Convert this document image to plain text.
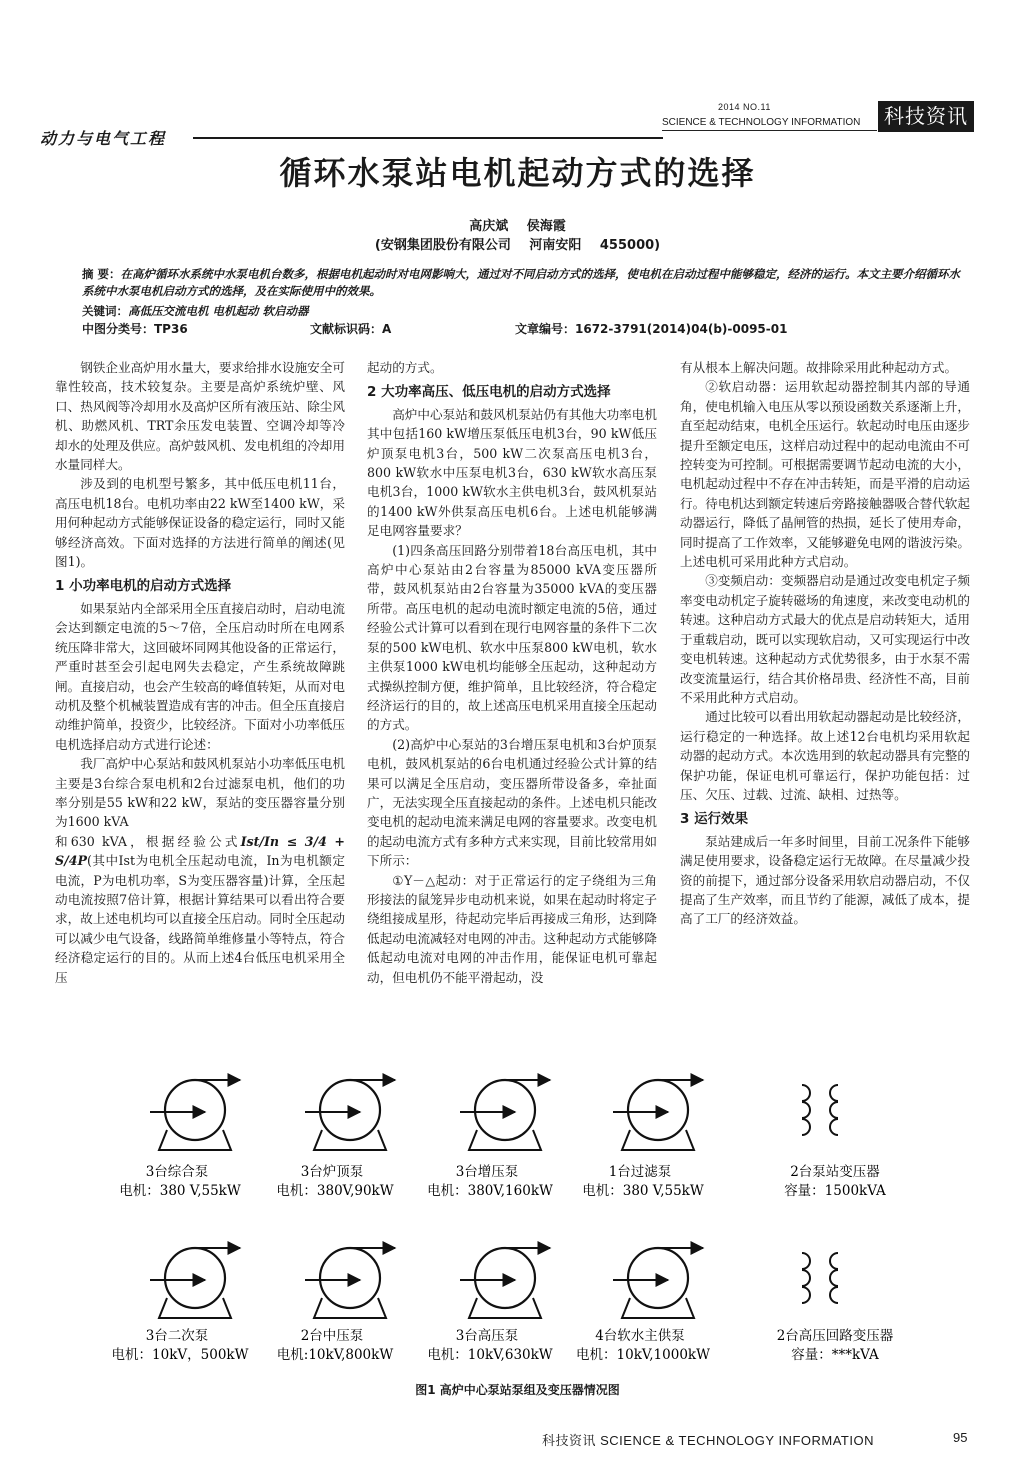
2014 NO.11
SCIENCE & TECHNOLOGY INFORMATION	科技资讯
动力与电气工程
循环水泵站电机起动方式的选择
高庆斌 侯海霞
(安钢集团股份有限公司 河南安阳 455000)
摘 要：在高炉循环水系统中水泵电机台数多，根据电机起动时对电网影响大，通过对不同启动方式的选择，使电机在启动过程中能够稳定，经济的运行。本文主要介绍循环水系统中水泵电机启动方式的选择，及在实际使用中的效果。
关键词：高低压交流电机 电机起动 软启动器
中图分类号：TP36	文献标识码：A	文章编号：1672-3791(2014)04(b)-0095-01

钢铁企业高炉用水量大，要求给排水设施安全可靠性较高，技术较复杂。主要是高炉系统炉壁、风口、热风阀等冷却用水及高炉区所有液压站、除尘风机、助燃风机、TRT余压发电装置、空调冷却等冷却水的处理及供应。高炉鼓风机、发电机组的冷却用水量同样大。

涉及到的电机型号繁多，其中低压电机11台，高压电机18台。电机功率由22 kW至1400 kW，采用何种起动方式能够保证设备的稳定运行，同时又能够经济高效。下面对选择的方法进行简单的阐述(见图1)。

1 小功率电机的启动方式选择

如果泵站内全部采用全压直接启动时，启动电流会达到额定电流的5～7倍，全压启动时所在电网系统压降非常大，这回破坏同网其他设备的正常运行，严重时甚至会引起电网失去稳定，产生系统故障跳闸。直接启动，也会产生较高的峰值转矩，从而对电动机及整个机械装置造成有害的冲击。但全压直接启动维护简单，投资少，比较经济。下面对小功率低压电机选择启动方式进行论述：

我厂高炉中心泵站和鼓风机泵站小功率低压电机主要是3台综合泵电机和2台过滤泵电机，他们的功率分别是55 kW和22 kW，泵站的变压器容量分别为1600 kVA

和630 kVA，根据经验公式Ist/In ≤ 3/4 + S/4P(其中Ist为电机全压起动电流，In为电机额定电流，P为电机功率，S为变压器容量)计算，全压起动电流按照7倍计算，根据计算结果可以看出符合要求，故上述电机均可以直接全压启动。同时全压起动可以减少电气设备，线路简单维修量小等特点，符合经济稳定运行的目的。从而上述4台低压电机采用全压

起动的方式。

2 大功率高压、低压电机的启动方式选择

高炉中心泵站和鼓风机泵站仍有其他大功率电机其中包括160 kW增压泵低压电机3台，90 kW低压炉顶泵电机3台，500 kW二次泵高压电机3台，800 kW软水中压泵电机3台，630 kW软水高压泵电机3台，1000 kW软水主供电机3台，鼓风机泵站的1400 kW外供泵高压电机6台。上述电机能够满足电网容量要求？

(1)四条高压回路分别带着18台高压电机，其中高炉中心泵站由2台容量为85000 kVA变压器所带，鼓风机泵站由2台容量为35000 kVA的变压器所带。高压电机的起动电流时额定电流的5倍，通过经验公式计算可以看到在现行电网容量的条件下二次泵的500 kW电机、软水中压泵800 kW电机，软水主供泵1000 kW电机均能够全压起动，这种起动方式操纵控制方便，维护简单，且比较经济，符合稳定经济运行的目的，故上述高压电机采用直接全压起动的方式。

(2)高炉中心泵站的3台增压泵电机和3台炉顶泵电机，鼓风机泵站的6台电机通过经验公式计算的结果可以满足全压启动，变压器所带设备多，牵扯面广，无法实现全压直接起动的条件。上述电机只能改变电机的起动电流来满足电网的容量要求。改变电机的起动电流方式有多种方式来实现，目前比较常用如下所示：

①Y－△起动：对于正常运行的定子绕组为三角形接法的鼠笼异步电动机来说，如果在起动时将定子绕组接成星形，待起动完毕后再接成三角形，达到降低起动电流减轻对电网的冲击。这种起动方式能够降低起动电流对电网的冲击作用，能保证电机可靠起动，但电机仍不能平滑起动，没

有从根本上解决问题。故排除采用此种起动方式。

②软启动器：运用软起动器控制其内部的导通角，使电机输入电压从零以预设函数关系逐渐上升，直至起动结束，电机全压运行。软起动时电压由逐步提升至额定电压，这样启动过程中的起动电流由不可控转变为可控制。可根据需要调节起动电流的大小，电机起动过程中不存在冲击转矩，而是平滑的启动运行。待电机达到额定转速后旁路接触器吸合替代软起动器运行，降低了晶闸管的热损，延长了使用寿命，同时提高了工作效率，又能够避免电网的谐波污染。上述电机可采用此种方式启动。

③变频启动：变频器启动是通过改变电机定子频率变电动机定子旋转磁场的角速度，来改变电动机的转速。这种启动方式最大的优点是启动转矩大，适用于重载启动，既可以实现软启动，又可实现运行中改变电机转速。这种起动方式优势很多，由于水泵不需改变流量运行，结合其价格昂贵、经济性不高，目前不采用此种方式启动。

通过比较可以看出用软起动器起动是比较经济，运行稳定的一种选择。故上述12台电机均采用软起动器的起动方式。本次选用到的软起动器具有完整的保护功能，保证电机可靠运行，保护功能包括：过压、欠压、过载、过流、缺相、过热等。

3 运行效果

泵站建成后一年多时间里，目前工况条件下能够满足使用要求，设备稳定运行无故障。在尽量减少投资的前提下，通过部分设备采用软启动器启动，不仅提高了生产效率，而且节约了能源，减低了成本，提高了工厂的经济效益。

3台综合泵
电机：380 V,55kW
3台炉顶泵
电机：380V,90kW
3台增压泵
电机：380V,160kW
1台过滤泵
电机：380 V,55kW
2台泵站变压器
容量：1500kVA
3台二次泵
电机：10kV，500kW
2台中压泵
电机:10kV,800kW
3台高压泵
电机：10kV,630kW
4台软水主供泵
电机：10kV,1000kW
2台高压回路变压器
容量：***kVA
图1 高炉中心泵站泵组及变压器情况图
科技资讯 SCIENCE & TECHNOLOGY INFORMATION	95
